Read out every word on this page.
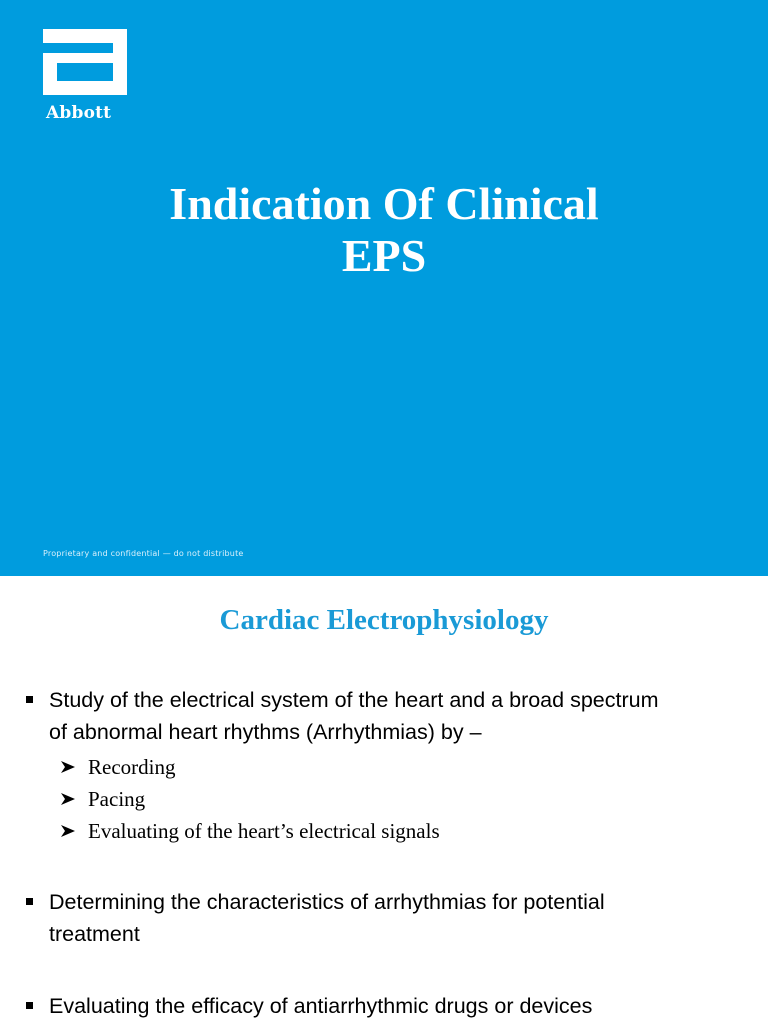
Abbott
Indication Of Clinical
EPS
Proprietary and confidential — do not distribute
Cardiac Electrophysiology
Study of the electrical system of the heart and a broad spectrum
of abnormal heart rhythms (Arrhythmias) by –
Recording
Pacing
Evaluating of the heart’s electrical signals
Determining the characteristics of arrhythmias for potential
treatment
Evaluating the efficacy of antiarrhythmic drugs or devices
